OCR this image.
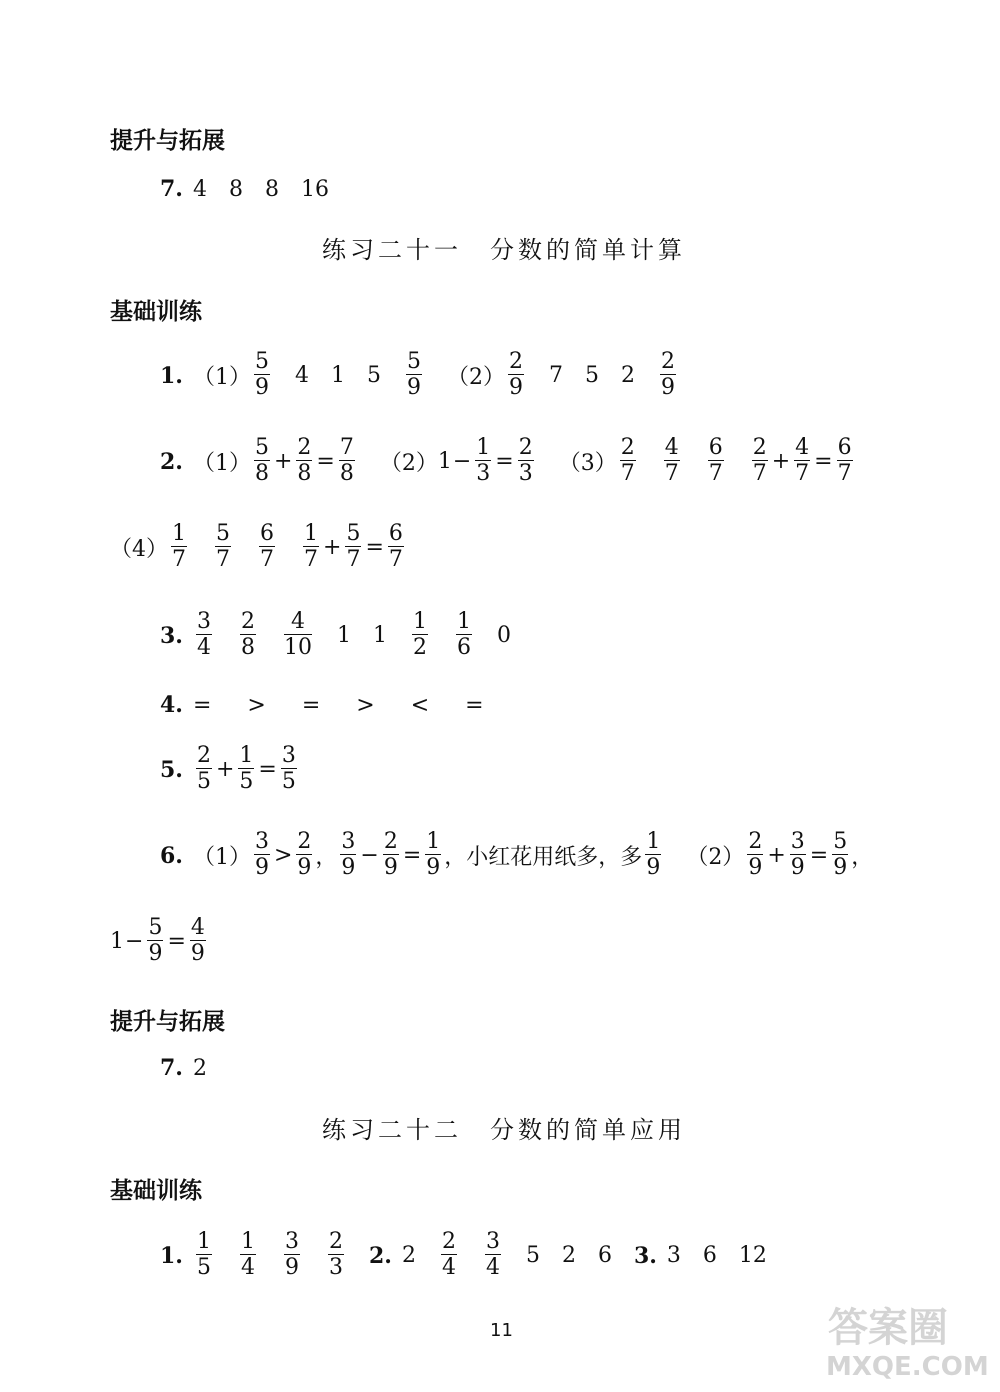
提升与拓展
7. 4 8 8 16
练习二十一　分数的简单计算
基础训练
1. $(1) \frac{5}{9} 4$ 1 $5 \frac{5}{9} (2) \frac{2}{9} 7$ 5 $2 \frac{2}{9}$
2. $(1) \frac{5}{8} + \frac{2}{8} = \frac{7}{8} (2) 1 - \frac{1}{3} = \frac{2}{3} (3) \frac{2}{7} \frac{4}{7} \frac{6}{7} \frac{2}{7} + \frac{4}{7} = \frac{6}{7}$
$(4) \frac{1}{7} \frac{5}{7} \frac{6}{7} \frac{1}{7} + \frac{5}{7} = \frac{6}{7}$
3. $\frac{3}{4} \frac{2}{8} \frac{4}{10} 1$ $1 \frac{1}{2} \frac{1}{6} 0$
4. = > = > < =
5. $\frac{2}{5} + \frac{1}{5} = \frac{3}{5}$
6. $(1) \frac{3}{9} > \frac{2}{9}$ ， $\frac{3}{9} - \frac{2}{9} = \frac{1}{9}$ ，小红花用纸多，多 $\frac{1}{9} (2) \frac{2}{9} + \frac{3}{9} = \frac{5}{9}$ ，
$1 - \frac{5}{9} = \frac{4}{9}$
提升与拓展
7. 2
练习二十二　分数的简单应用
基础训练
1. $\frac{1}{5} \frac{1}{4} \frac{3}{9} \frac{2}{3} 2$. $2 \frac{2}{4} \frac{3}{4} 5$ 2 6 3. 3 6 12
11	答案圈
MXQE.COM
